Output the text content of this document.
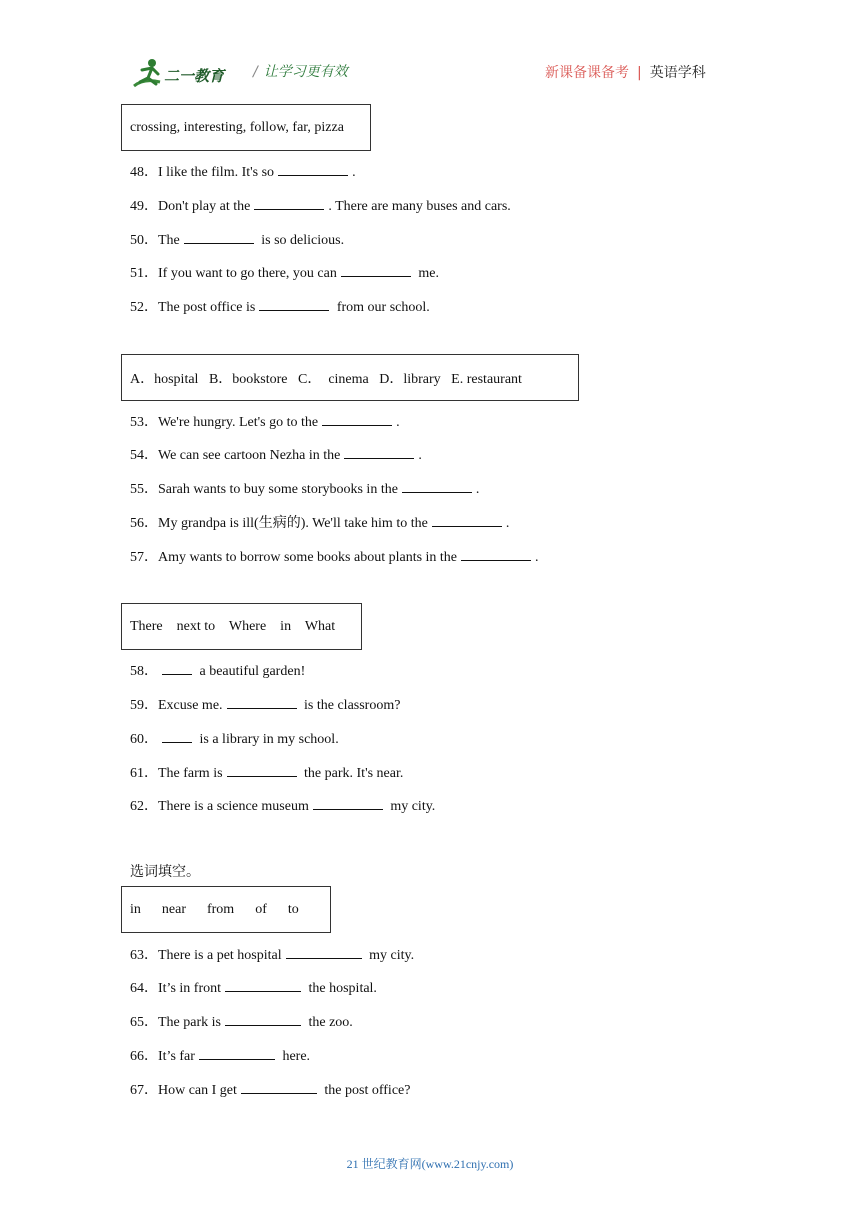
二一教育 / 让学习更有效	新课备课备考 | 英语学科
crossing, interesting, follow, far, pizza
48．I like the film. It's so	.
49．Don't play at the	. There are many buses and cars.
50．The	is so delicious.
51．If you want to go there, you can	me.
52．The post office is	from our school.
A．hospital   B．bookstore   C．  cinema   D．library   E. restaurant
53．We're hungry. Let's go to the	.
54．We can see cartoon Nezha in the	.
55．Sarah wants to buy some storybooks in the	.
56．My grandpa is ill(生病的). We'll take him to the	.
57．Amy wants to borrow some books about plants in the	.
There    next to    Where    in    What
58．	a beautiful garden!
59．Excuse me.	is the classroom?
60．	is a library in my school.
61．The farm is	the park. It's near.
62．There is a science museum	my city.
选词填空。
in      near      from      of      to
63．There is a pet hospital	my city.
64．It’s in front	the hospital.
65．The park is	the zoo.
66．It’s far	here.
67．How can I get	the post office?
21 世纪教育网(www.21cnjy.com)
